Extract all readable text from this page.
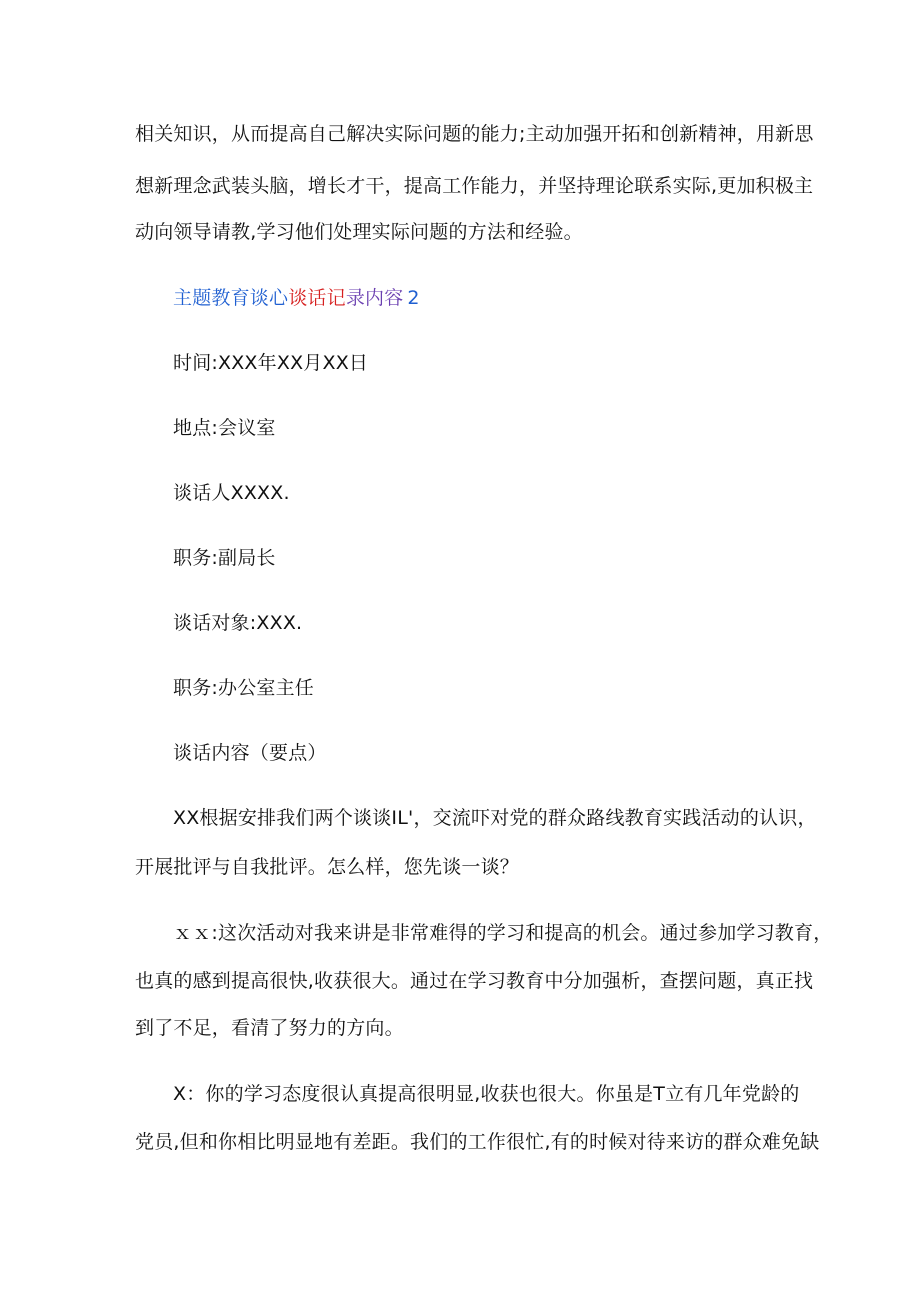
相关知识，从而提高自己解决实际问题的能力;主动加强开拓和创新精神，用新思
想新理念武装头脑，增长才干，提高工作能力，并坚持理论联系实际,更加积极主
动向领导请教,学习他们处理实际问题的方法和经验。
主题教育谈心谈话记录内容 2
时间:XXX年XX月XX日
地点:会议室
谈话人XXXX.
职务:副局长
谈话对象:XXX.
职务:办公室主任
谈话内容（要点）
XX根据安排我们两个谈谈IL'，交流吓对党的群众路线教育实践活动的认识，
开展批评与自我批评。怎么样，您先谈一谈？
ｘｘ:这次活动对我来讲是非常难得的学习和提高的机会。通过参加学习教育，
也真的感到提高很快,收获很大。通过在学习教育中分加强析，查摆问题，真正找
到了不足，看清了努力的方向。
X：你的学习态度很认真提高很明显,收获也很大。你虽是T立有几年党龄的
党员,但和你相比明显地有差距。我们的工作很忙,有的时候对待来访的群众难免缺
